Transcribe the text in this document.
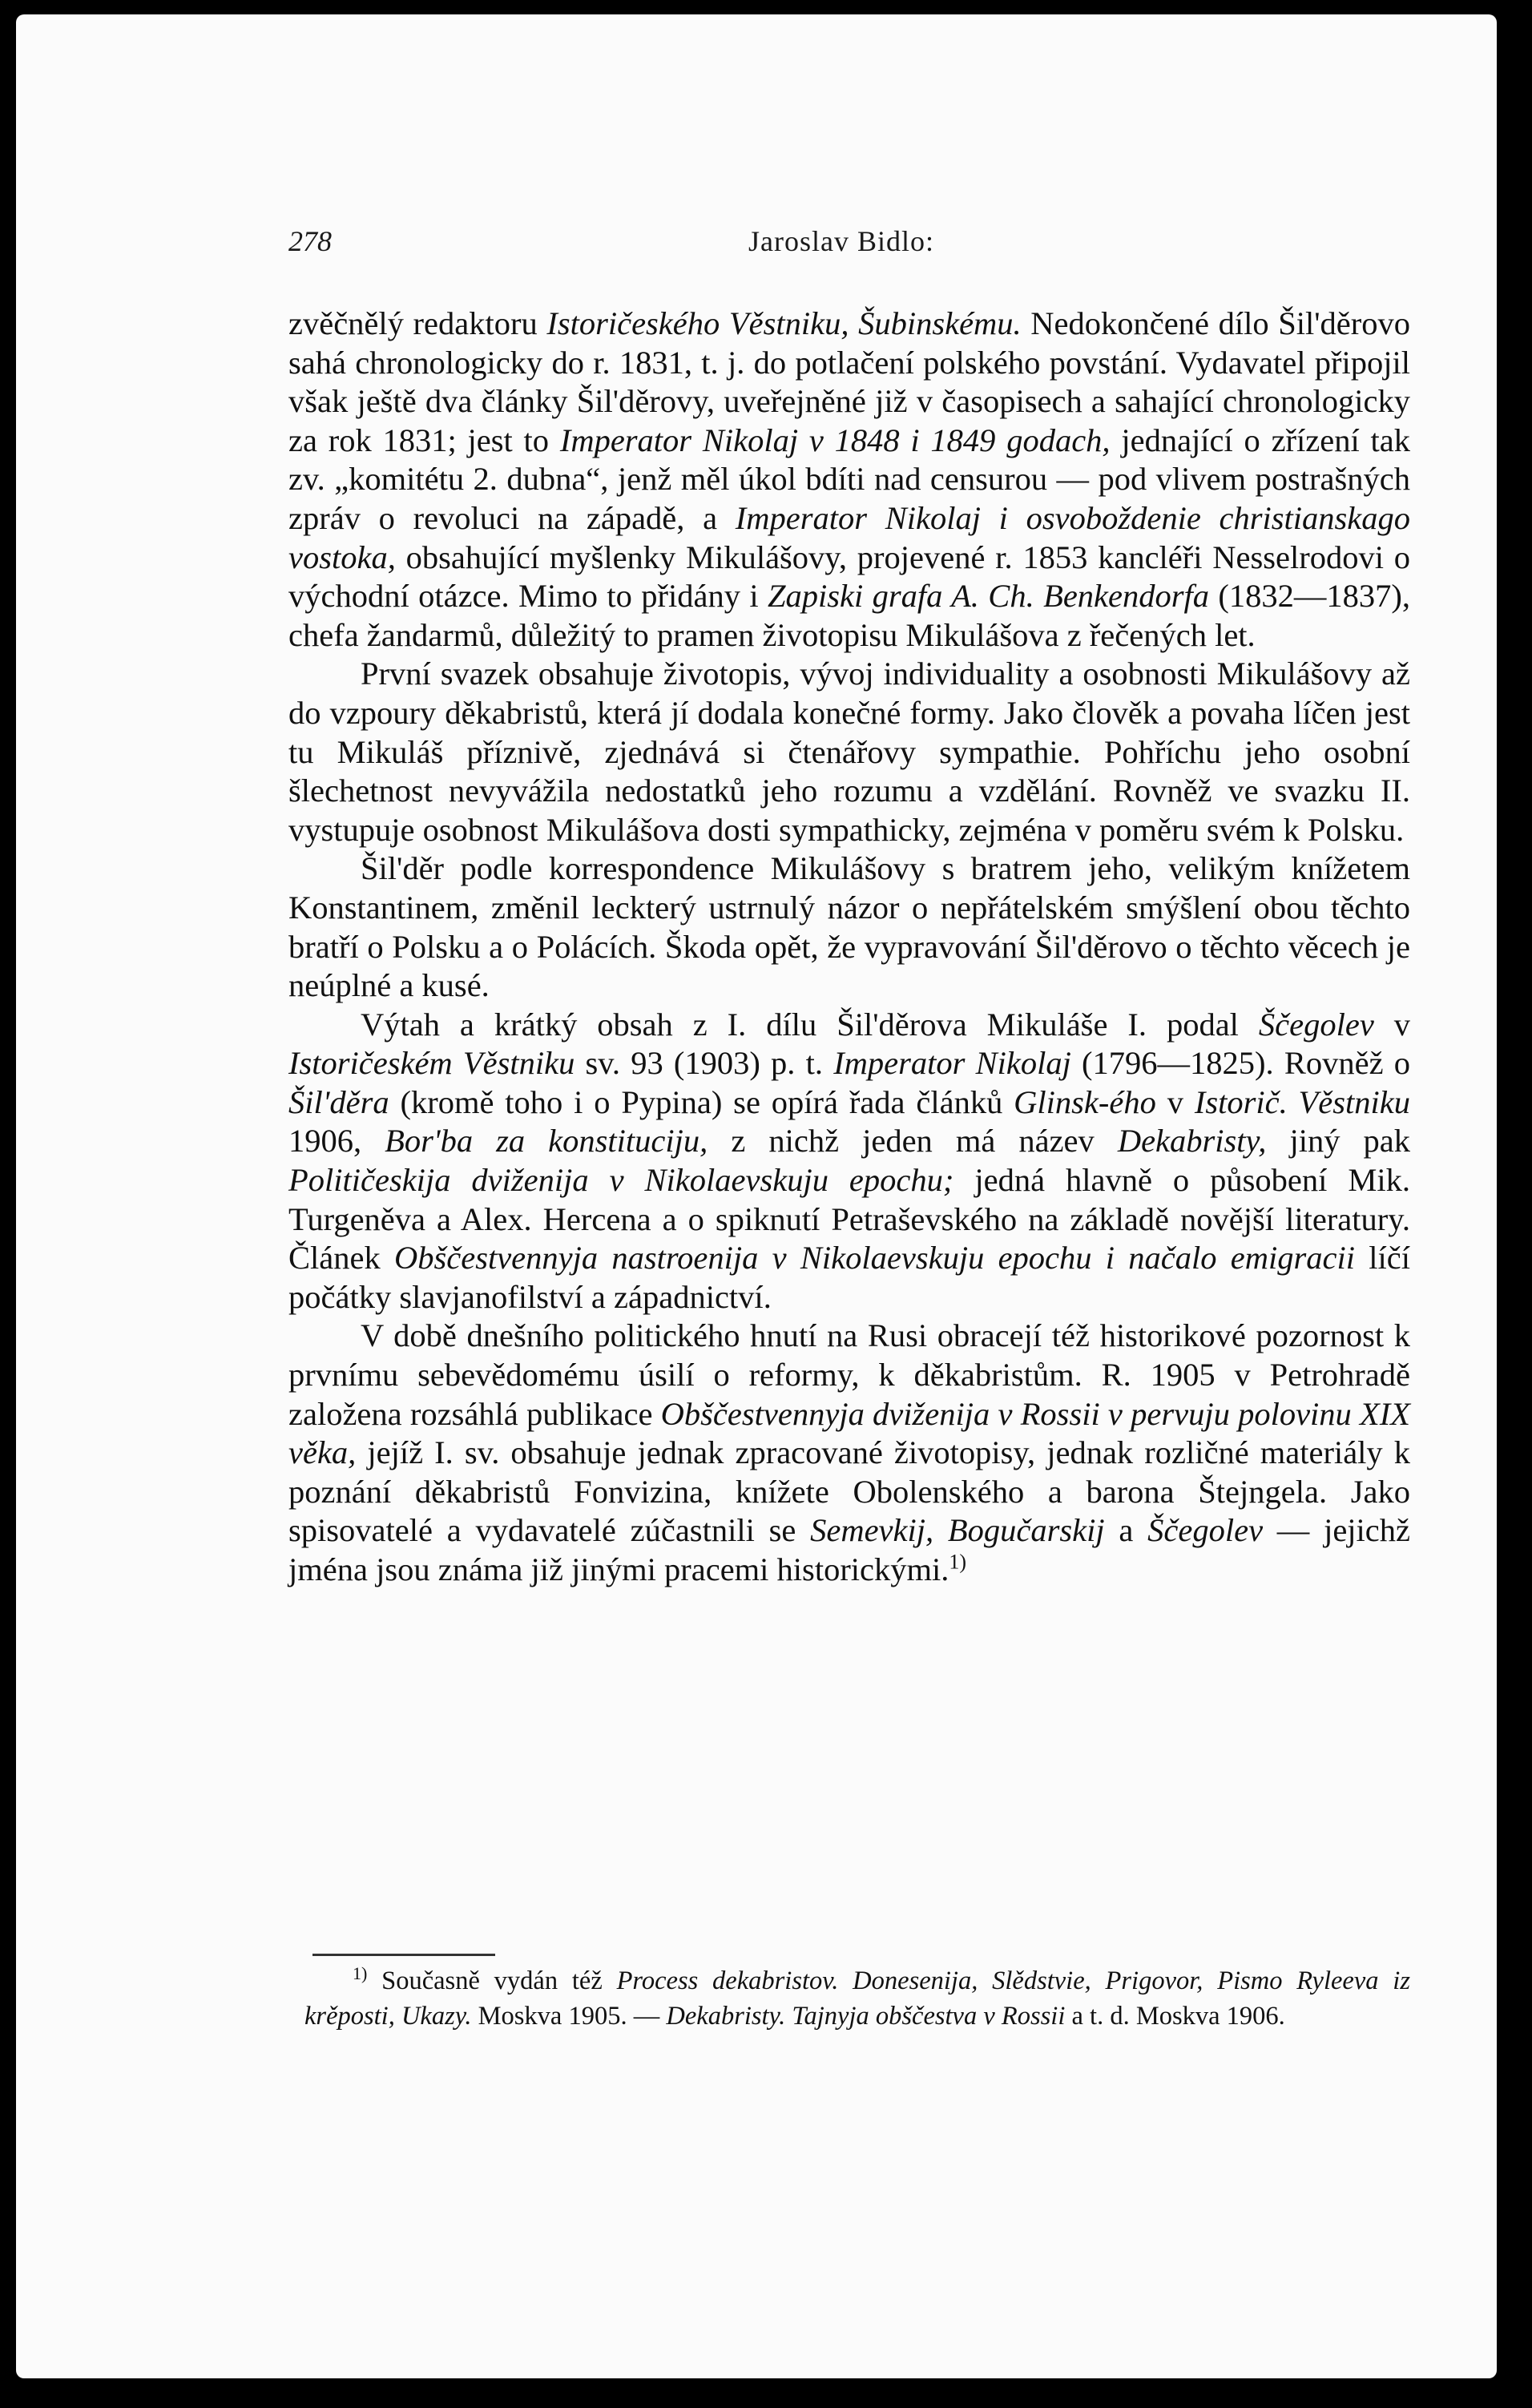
278	Jaroslav Bidlo:

zvěčnělý redaktoru Istoričeského Věstniku, Šubinskému. Nedokončené dílo Šil'děrovo sahá chronologicky do r. 1831, t. j. do potlačení polského povstání. Vydavatel připojil však ještě dva články Šil'děrovy, uveřejněné již v časopisech a sahající chronologicky za rok 1831; jest to Imperator Nikolaj v 1848 i 1849 godach, jednající o zřízení tak zv. „komitétu 2. dubna“, jenž měl úkol bdíti nad censurou — pod vlivem postrašných zpráv o revoluci na západě, a Imperator Nikolaj i osvoboždenie christianskago vostoka, obsahující myšlenky Mikulášovy, projevené r. 1853 kancléři Nesselrodovi o východní otázce. Mimo to přidány i Zapiski grafa A. Ch. Benkendorfa (1832—1837), chefa žandarmů, důležitý to pramen životopisu Mikulášova z řečených let.

První svazek obsahuje životopis, vývoj individuality a osobnosti Mikulášovy až do vzpoury děkabristů, která jí dodala konečné formy. Jako člověk a povaha líčen jest tu Mikuláš příznivě, zjednává si čtenářovy sympathie. Pohříchu jeho osobní šlechetnost nevyvážila nedostatků jeho rozumu a vzdělání. Rovněž ve svazku II. vystupuje osobnost Mikulášova dosti sympathicky, zejména v poměru svém k Polsku.

Šil'děr podle korrespondence Mikulášovy s bratrem jeho, velikým knížetem Konstantinem, změnil leckterý ustrnulý názor o nepřátelském smýšlení obou těchto bratří o Polsku a o Polácích. Škoda opět, že vypravování Šil'děrovo o těchto věcech je neúplné a kusé.

Výtah a krátký obsah z I. dílu Šil'děrova Mikuláše I. podal Ščegolev v Istoričeském Věstniku sv. 93 (1903) p. t. Imperator Nikolaj (1796—1825). Rovněž o Šil'děra (kromě toho i o Pypina) se opírá řada článků Glinsk-ého v Istorič. Věstniku 1906, Bor'ba za konstituciju, z nichž jeden má název Dekabristy, jiný pak Političeskija dviženija v Nikolaevskuju epochu; jedná hlavně o působení Mik. Turgeněva a Alex. Hercena a o spiknutí Petraševského na základě novější literatury. Článek Obščestvennyja nastroenija v Nikolaevskuju epochu i načalo emigracii líčí počátky slavjanofilství a západnictví.

V době dnešního politického hnutí na Rusi obracejí též historikové pozornost k prvnímu sebevědomému úsilí o reformy, k děkabristům. R. 1905 v Petrohradě založena rozsáhlá publikace Obščestvennyja dviženija v Rossii v pervuju polovinu XIX věka, jejíž I. sv. obsahuje jednak zpracované životopisy, jednak rozličné materiály k poznání děkabristů Fonvizina, knížete Obolenského a barona Štejngela. Jako spisovatelé a vydavatelé zúčastnili se Semevkij, Bogučarskij a Ščegolev — jejichž jména jsou známa již jinými pracemi historickými.$^{1)}$

$^{1)}$ Současně vydán též Process dekabristov. Donesenija, Slědstvie, Prigovor, Pismo Ryleeva iz krěposti, Ukazy. Moskva 1905. — Dekabristy. Tajnyja obščestva v Rossii a t. d. Moskva 1906.
